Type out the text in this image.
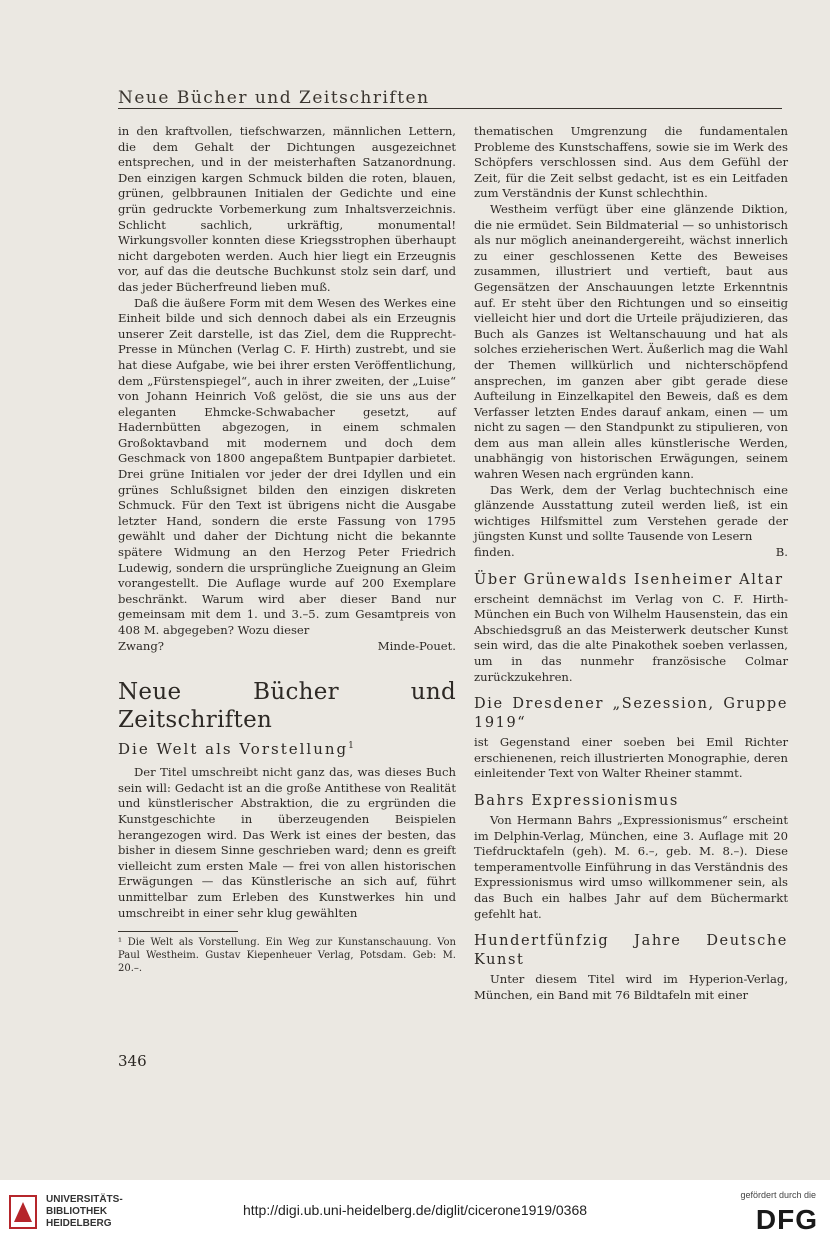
Neue Bücher und Zeitschriften

in den kraftvollen, tiefschwarzen, männlichen Lettern, die dem Gehalt der Dichtungen ausgezeichnet entsprechen, und in der meisterhaften Satzanordnung. Den einzigen kargen Schmuck bilden die roten, blauen, grünen, gelbbraunen Initialen der Gedichte und eine grün gedruckte Vorbemerkung zum Inhaltsverzeichnis. Schlicht sachlich, urkräftig, monumental! Wirkungsvoller konnten diese Kriegsstrophen überhaupt nicht dargeboten werden. Auch hier liegt ein Erzeugnis vor, auf das die deutsche Buchkunst stolz sein darf, und das jeder Bücherfreund lieben muß.

Daß die äußere Form mit dem Wesen des Werkes eine Einheit bilde und sich dennoch dabei als ein Erzeugnis unserer Zeit darstelle, ist das Ziel, dem die Rupprecht-Presse in München (Verlag C. F. Hirth) zustrebt, und sie hat diese Aufgabe, wie bei ihrer ersten Veröffentlichung, dem „Fürstenspiegel“, auch in ihrer zweiten, der „Luise“ von Johann Heinrich Voß gelöst, die sie uns aus der eleganten Ehmcke-Schwabacher gesetzt, auf Hadernbütten abgezogen, in einem schmalen Großoktavband mit modernem und doch dem Geschmack von 1800 angepaßtem Buntpapier darbietet. Drei grüne Initialen vor jeder der drei Idyllen und ein grünes Schlußsignet bilden den einzigen diskreten Schmuck. Für den Text ist übrigens nicht die Ausgabe letzter Hand, sondern die erste Fassung von 1795 gewählt und daher der Dichtung nicht die bekannte spätere Widmung an den Herzog Peter Friedrich Ludewig, sondern die ursprüngliche Zueignung an Gleim vorangestellt. Die Auflage wurde auf 200 Exemplare beschränkt. Warum wird aber dieser Band nur gemeinsam mit dem 1. und 3.–5. zum Gesamtpreis von 408 M. abgegeben? Wozu dieser

Zwang?	Minde-Pouet.
Neue Bücher und Zeitschriften
Die Welt als Vorstellung$^1$

Der Titel umschreibt nicht ganz das, was dieses Buch sein will: Gedacht ist an die große Antithese von Realität und künstlerischer Abstraktion, die zu ergründen die Kunstgeschichte in überzeugenden Beispielen herangezogen wird. Das Werk ist eines der besten, das bisher in diesem Sinne geschrieben ward; denn es greift vielleicht zum ersten Male — frei von allen historischen Erwägungen — das Künstlerische an sich auf, führt unmittelbar zum Erleben des Kunstwerkes hin und umschreibt in einer sehr klug gewählten

¹ Die Welt als Vorstellung. Ein Weg zur Kunstanschauung. Von Paul Westheim. Gustav Kiepenheuer Verlag, Potsdam. Geb: M. 20.–.

thematischen Umgrenzung die fundamentalen Probleme des Kunstschaffens, sowie sie im Werk des Schöpfers verschlossen sind. Aus dem Gefühl der Zeit, für die Zeit selbst gedacht, ist es ein Leitfaden zum Verständnis der Kunst schlechthin.

Westheim verfügt über eine glänzende Diktion, die nie ermüdet. Sein Bildmaterial — so unhistorisch als nur möglich aneinandergereiht, wächst innerlich zu einer geschlossenen Kette des Beweises zusammen, illustriert und vertieft, baut aus Gegensätzen der Anschauungen letzte Erkenntnis auf. Er steht über den Richtungen und so einseitig vielleicht hier und dort die Urteile präjudizieren, das Buch als Ganzes ist Weltanschauung und hat als solches erzieherischen Wert. Äußerlich mag die Wahl der Themen willkürlich und nichterschöpfend ansprechen, im ganzen aber gibt gerade diese Aufteilung in Einzelkapitel den Beweis, daß es dem Verfasser letzten Endes darauf ankam, einen — um nicht zu sagen — den Standpunkt zu stipulieren, von dem aus man allein alles künstlerische Werden, unabhängig von historischen Erwägungen, seinem wahren Wesen nach ergründen kann.

Das Werk, dem der Verlag buchtechnisch eine glänzende Ausstattung zuteil werden ließ, ist ein wichtiges Hilfsmittel zum Verstehen gerade der jüngsten Kunst und sollte Tausende von Lesern

finden.	B.
Über Grünewalds Isenheimer Altar

erscheint demnächst im Verlag von C. F. Hirth-München ein Buch von Wilhelm Hausenstein, das ein Abschiedsgruß an das Meisterwerk deutscher Kunst sein wird, das die alte Pinakothek soeben verlassen, um in das nunmehr französische Colmar zurückzukehren.

Die Dresdener „Sezession, Gruppe 1919“

ist Gegenstand einer soeben bei Emil Richter erschienenen, reich illustrierten Monographie, deren einleitender Text von Walter Rheiner stammt.

Bahrs Expressionismus

Von Hermann Bahrs „Expressionismus“ erscheint im Delphin-Verlag, München, eine 3. Auflage mit 20 Tiefdrucktafeln (geh). M. 6.–, geb. M. 8.–). Diese temperamentvolle Einführung in das Verständnis des Expressionismus wird umso willkommener sein, als das Buch ein halbes Jahr auf dem Büchermarkt gefehlt hat.

Hundertfünfzig Jahre Deutsche Kunst

Unter diesem Titel wird im Hyperion-Verlag, München, ein Band mit 76 Bildtafeln mit einer

346
UNIVERSITÄTS-
BIBLIOTHEK
HEIDELBERG
http://digi.ub.uni-heidelberg.de/diglit/cicerone1919/0368
gefördert durch die
DFG
